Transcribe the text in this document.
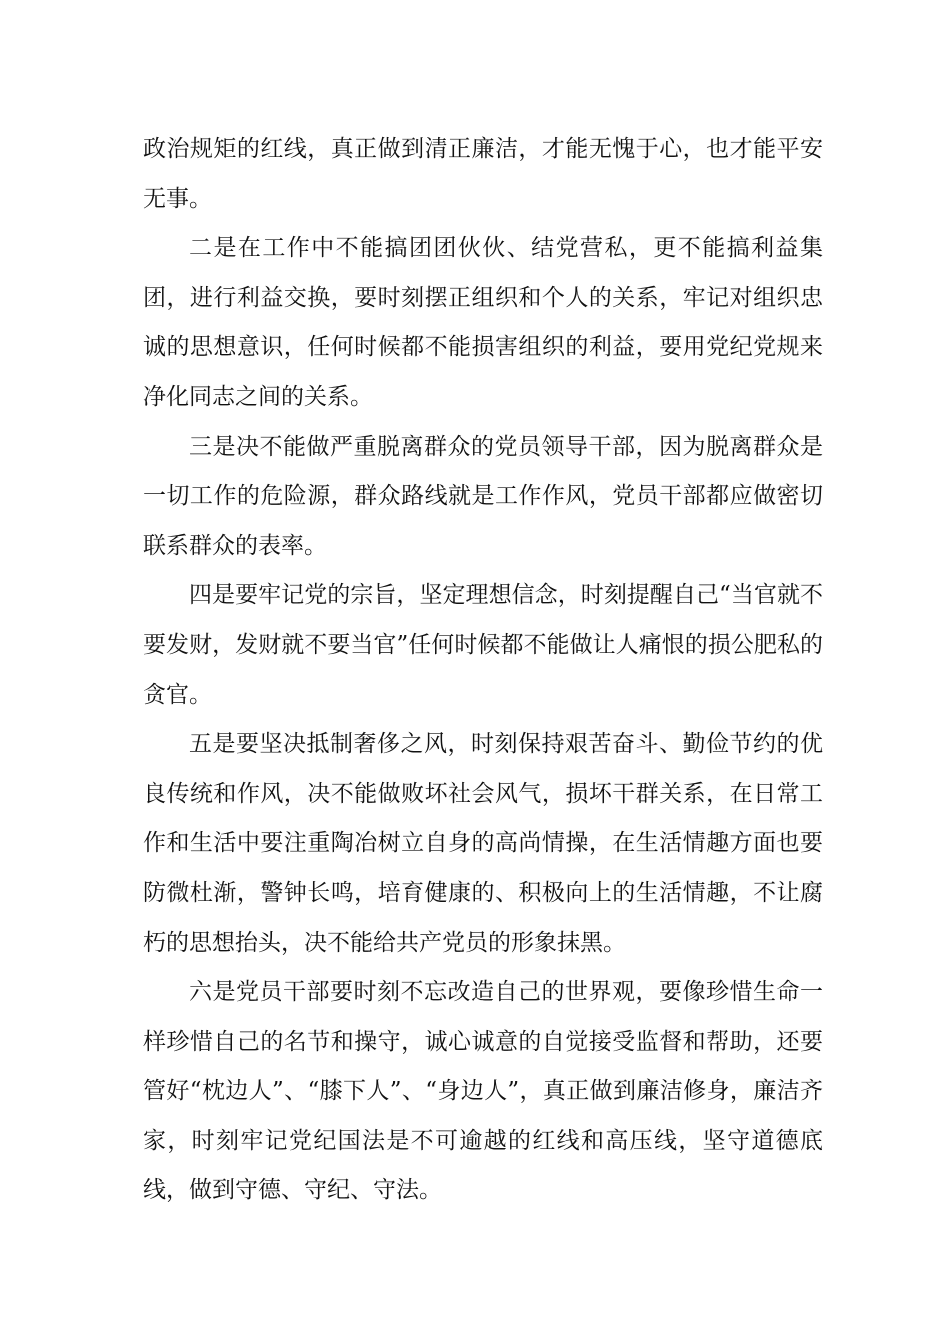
政治规矩的红线，真正做到清正廉洁，才能无愧于心，也才能平安无事。

二是在工作中不能搞团团伙伙、结党营私，更不能搞利益集团，进行利益交换，要时刻摆正组织和个人的关系，牢记对组织忠诚的思想意识，任何时候都不能损害组织的利益，要用党纪党规来净化同志之间的关系。

三是决不能做严重脱离群众的党员领导干部，因为脱离群众是一切工作的危险源，群众路线就是工作作风，党员干部都应做密切联系群众的表率。

四是要牢记党的宗旨，坚定理想信念，时刻提醒自己“当官就不要发财，发财就不要当官”任何时候都不能做让人痛恨的损公肥私的贪官。

五是要坚决抵制奢侈之风，时刻保持艰苦奋斗、勤俭节约的优良传统和作风，决不能做败坏社会风气，损坏干群关系，在日常工作和生活中要注重陶冶树立自身的高尚情操，在生活情趣方面也要防微杜渐，警钟长鸣，培育健康的、积极向上的生活情趣，不让腐朽的思想抬头，决不能给共产党员的形象抹黑。

六是党员干部要时刻不忘改造自己的世界观，要像珍惜生命一样珍惜自己的名节和操守，诚心诚意的自觉接受监督和帮助，还要管好“枕边人”、“膝下人”、“身边人”，真正做到廉洁修身，廉洁齐家，时刻牢记党纪国法是不可逾越的红线和高压线，坚守道德底线，做到守德、守纪、守法。
